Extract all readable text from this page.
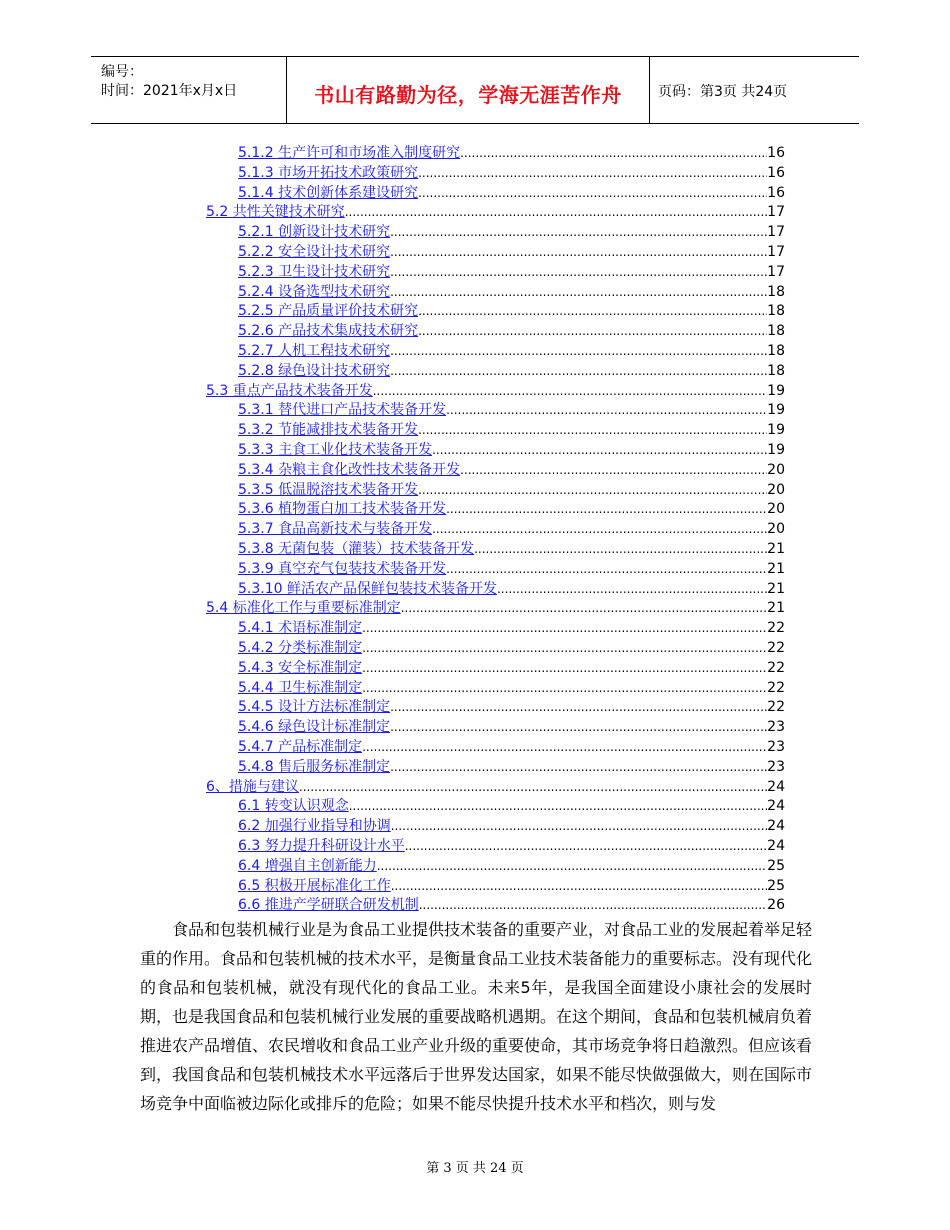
编号：
时间：2021年x月x日	书山有路勤为径，学海无涯苦作舟	页码：第3页 共24页
5.1.2 生产许可和市场准入制度研究 .....	16
5.1.3 市场开拓技术政策研究 .....	16
5.1.4 技术创新体系建设研究 .....	16
5.2 共性关键技术研究 .....	17
5.2.1 创新设计技术研究 .....	17
5.2.2 安全设计技术研究 .....	17
5.2.3 卫生设计技术研究 .....	17
5.2.4 设备选型技术研究 .....	18
5.2.5 产品质量评价技术研究 .....	18
5.2.6 产品技术集成技术研究 .....	18
5.2.7 人机工程技术研究 .....	18
5.2.8 绿色设计技术研究 .....	18
5.3 重点产品技术装备开发 .....	19
5.3.1 替代进口产品技术装备开发 .....	19
5.3.2 节能减排技术装备开发 .....	19
5.3.3 主食工业化技术装备开发 .....	19
5.3.4 杂粮主食化改性技术装备开发 .....	20
5.3.5 低温脱溶技术装备开发 .....	20
5.3.6 植物蛋白加工技术装备开发 .....	20
5.3.7 食品高新技术与装备开发 .....	20
5.3.8 无菌包装（灌装）技术装备开发 .....	21
5.3.9 真空充气包装技术装备开发 .....	21
5.3.10 鲜活农产品保鲜包装技术装备开发 .....	21
5.4 标准化工作与重要标准制定 .....	21
5.4.1 术语标准制定 .....	22
5.4.2 分类标准制定 .....	22
5.4.3 安全标准制定 .....	22
5.4.4 卫生标准制定 .....	22
5.4.5 设计方法标准制定 .....	22
5.4.6 绿色设计标准制定 .....	23
5.4.7 产品标准制定 .....	23
5.4.8 售后服务标准制定 .....	23
6、措施与建议 .....	24
6.1 转变认识观念 .....	24
6.2 加强行业指导和协调 .....	24
6.3 努力提升科研设计水平 .....	24
6.4 增强自主创新能力 .....	25
6.5 积极开展标准化工作 .....	25
6.6 推进产学研联合研发机制 .....	26
食品和包装机械行业是为食品工业提供技术装备的重要产业，对食品工业的发展起着举足轻重的作用。食品和包装机械的技术水平，是衡量食品工业技术装备能力的重要标志。没有现代化的食品和包装机械，就没有现代化的食品工业。未来5年，是我国全面建设小康社会的发展时期，也是我国食品和包装机械行业发展的重要战略机遇期。在这个期间，食品和包装机械肩负着推进农产品增值、农民增收和食品工业产业升级的重要使命，其市场竞争将日趋激烈。但应该看到，我国食品和包装机械技术水平远落后于世界发达国家，如果不能尽快做强做大，则在国际市场竞争中面临被边际化或排斥的危险；如果不能尽快提升技术水平和档次，则与发
第 3 页 共 24 页
